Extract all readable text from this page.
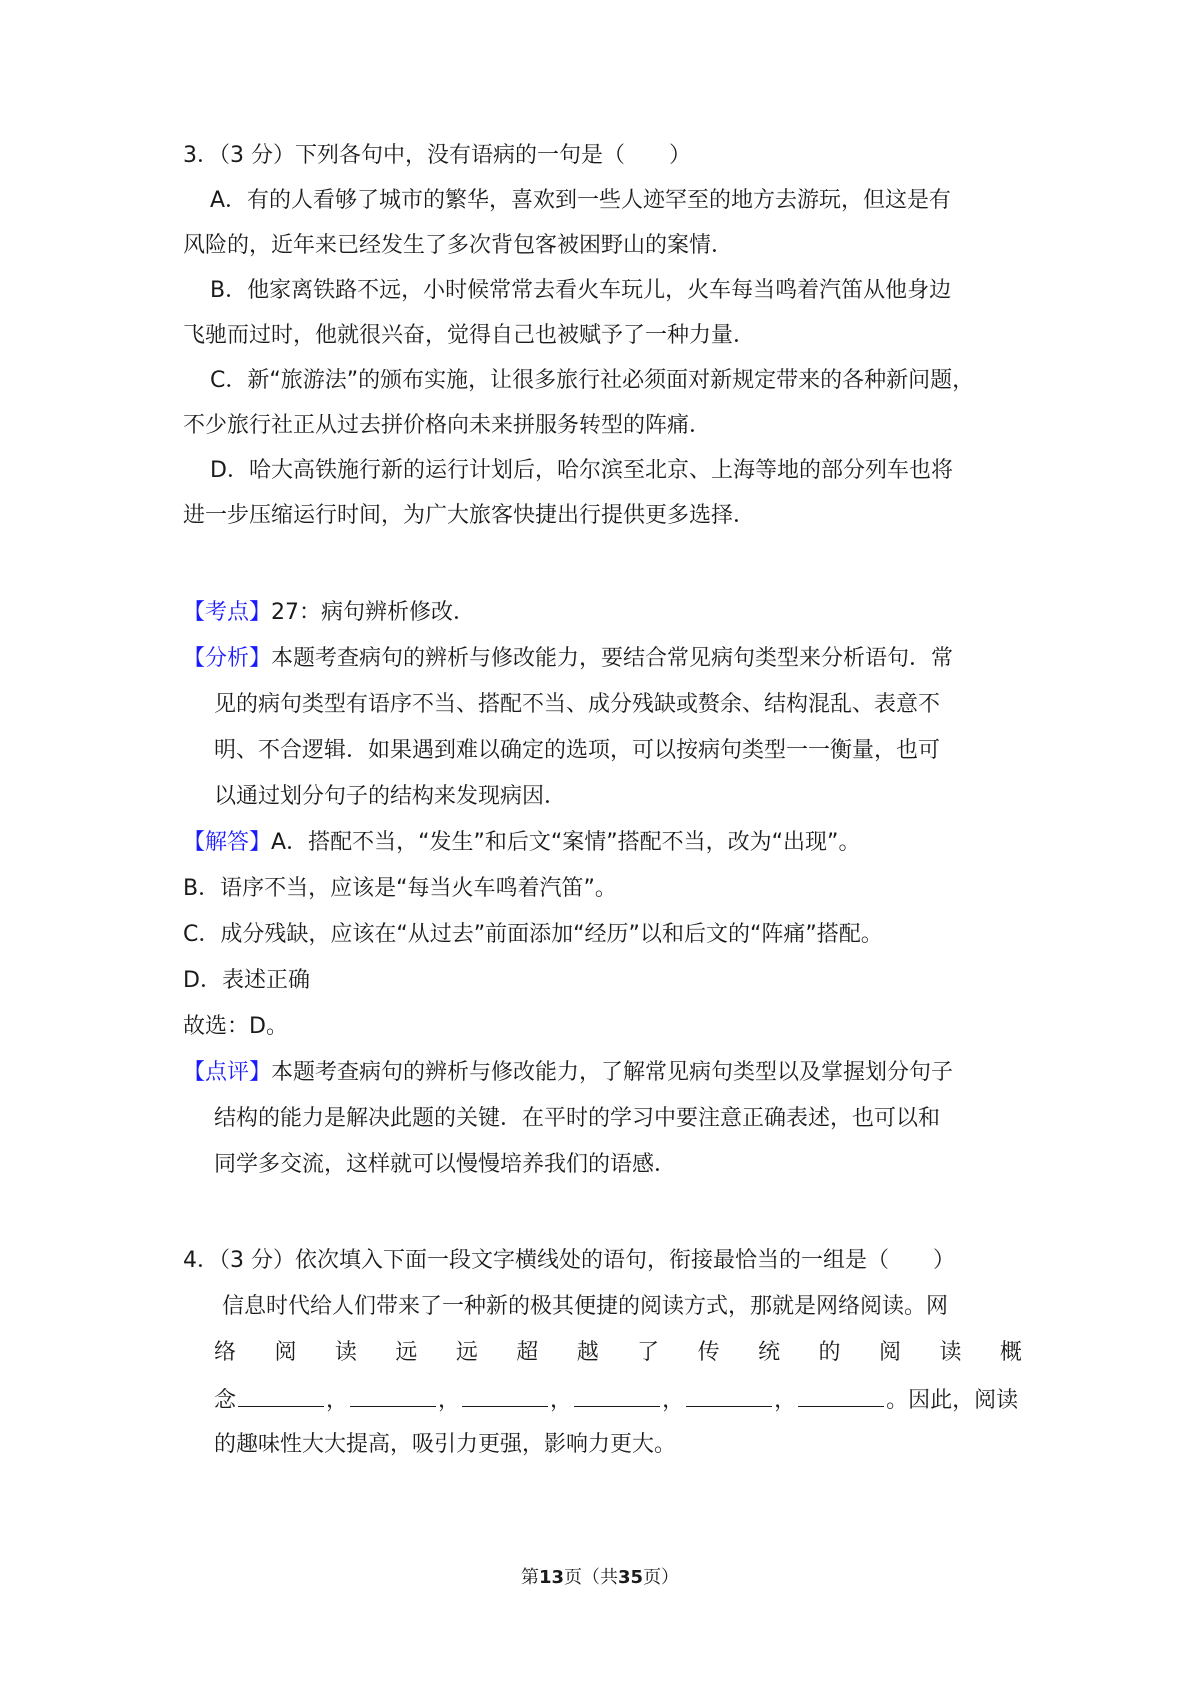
3．（3 分）下列各句中，没有语病的一句是（　　）
A．有的人看够了城市的繁华，喜欢到一些人迹罕至的地方去游玩，但这是有
风险的，近年来已经发生了多次背包客被困野山的案情．
B．他家离铁路不远，小时候常常去看火车玩儿，火车每当鸣着汽笛从他身边
飞驰而过时，他就很兴奋，觉得自己也被赋予了一种力量．
C．新“旅游法”的颁布实施，让很多旅行社必须面对新规定带来的各种新问题，
不少旅行社正从过去拼价格向未来拼服务转型的阵痛．
D．哈大高铁施行新的运行计划后，哈尔滨至北京、上海等地的部分列车也将
进一步压缩运行时间，为广大旅客快捷出行提供更多选择．
【考点】27：病句辨析修改．
【分析】本题考查病句的辨析与修改能力，要结合常见病句类型来分析语句．常
见的病句类型有语序不当、搭配不当、成分残缺或赘余、结构混乱、表意不
明、不合逻辑．如果遇到难以确定的选项，可以按病句类型一一衡量，也可
以通过划分句子的结构来发现病因．
【解答】A．搭配不当，“发生”和后文“案情”搭配不当，改为“出现”。
B．语序不当，应该是“每当火车鸣着汽笛”。
C．成分残缺，应该在“从过去”前面添加“经历”以和后文的“阵痛”搭配。
D．表述正确
故选：D。
【点评】本题考查病句的辨析与修改能力，了解常见病句类型以及掌握划分句子
结构的能力是解决此题的关键．在平时的学习中要注意正确表述，也可以和
同学多交流，这样就可以慢慢培养我们的语感．
4．（3 分）依次填入下面一段文字横线处的语句，衔接最恰当的一组是（　　）
信息时代给人们带来了一种新的极其便捷的阅读方式，那就是网络阅读。网
络 阅 读 远 远 超 越 了 传 统 的 阅 读 概
念	，	，	，	，	，	。因此，阅读
的趣味性大大提高，吸引力更强，影响力更大。
第13页（共35页）
